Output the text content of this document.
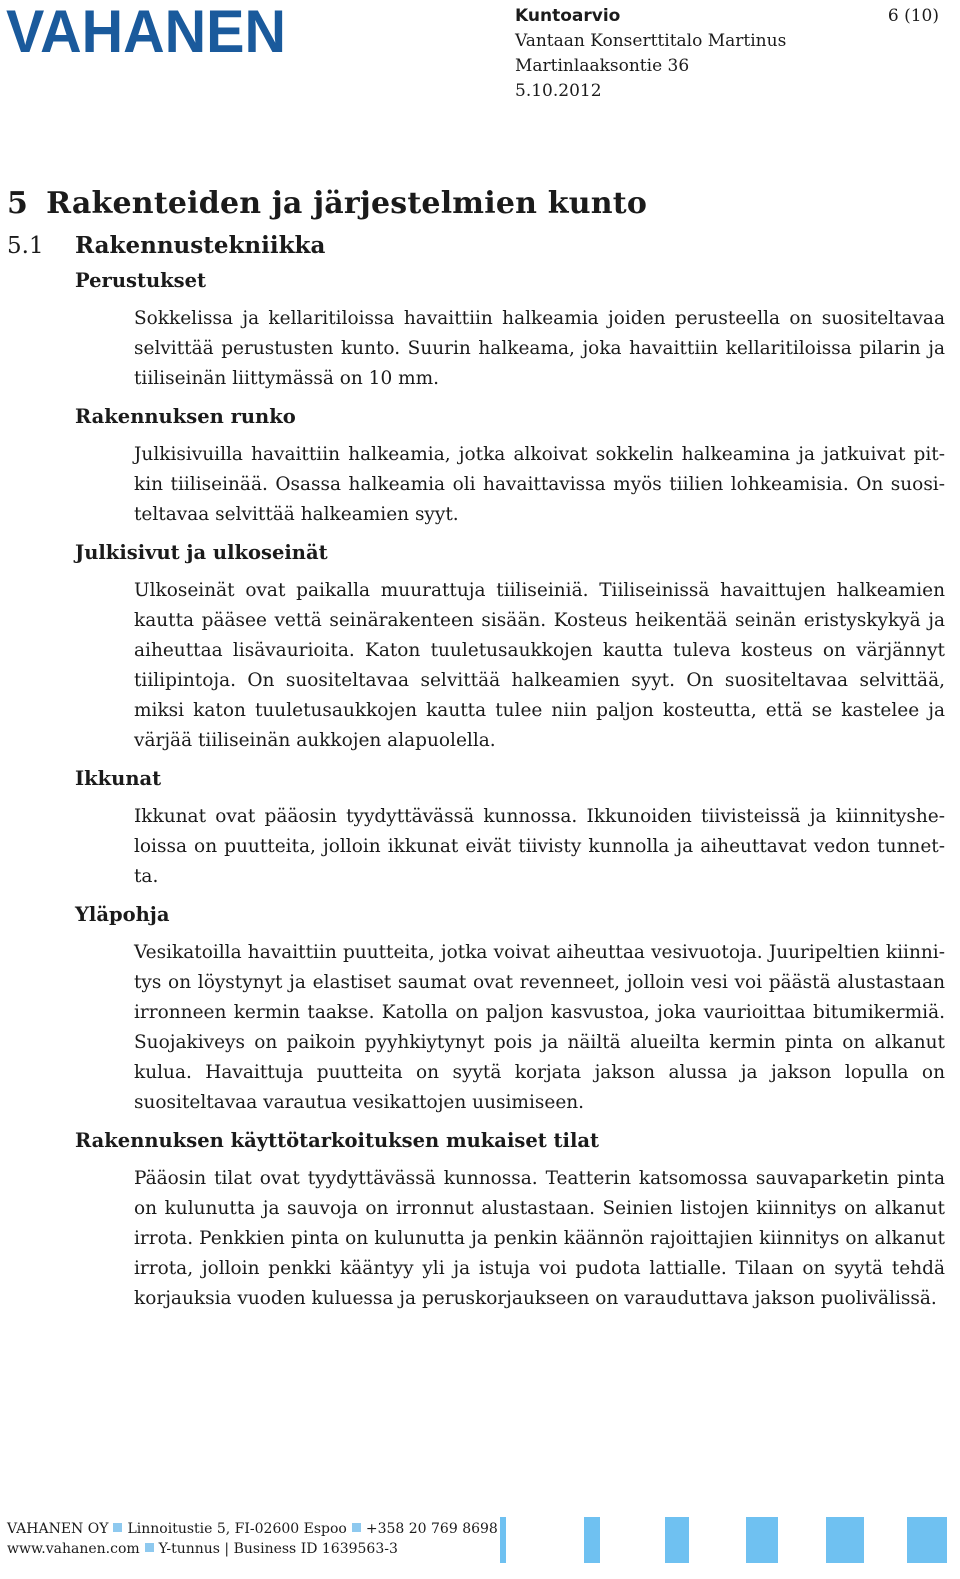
VAHANEN	Kuntoarvio
Vantaan Konserttitalo Martinus
Martinlaaksontie 36
5.10.2012
6 (10)
5 Rakenteiden ja järjestelmien kunto
5.1 Rakennustekniikka
Perustukset

Sokkelissa ja kellaritiloissa havaittiin halkeamia joiden perusteella on suositeltavaa selvittää perustusten kunto. Suurin halkeama, joka havaittiin kellaritiloissa pilarin ja tiiliseinän liittymässä on 10 mm.

Rakennuksen runko

Julkisivuilla havaittiin halkeamia, jotka alkoivat sokkelin halkeamina ja jatkuivat pitkin tiiliseinää. Osassa halkeamia oli havaittavissa myös tiilien lohkeamisia. On suositeltavaa selvittää halkeamien syyt.

Julkisivut ja ulkoseinät

Ulkoseinät ovat paikalla muurattuja tiiliseiniä. Tiiliseinissä havaittujen halkeamien kautta pääsee vettä seinärakenteen sisään. Kosteus heikentää seinän eristyskykyä ja aiheuttaa lisävaurioita. Katon tuuletusaukkojen kautta tuleva kosteus on värjännyt tiilipintoja. On suositeltavaa selvittää halkeamien syyt. On suositeltavaa selvittää, miksi katon tuuletusaukkojen kautta tulee niin paljon kosteutta, että se kastelee ja värjää tiiliseinän aukkojen alapuolella.

Ikkunat

Ikkunat ovat pääosin tyydyttävässä kunnossa. Ikkunoiden tiivisteissä ja kiinnitysheloissa on puutteita, jolloin ikkunat eivät tiivisty kunnolla ja aiheuttavat vedon tunnetta.

Yläpohja

Vesikatoilla havaittiin puutteita, jotka voivat aiheuttaa vesivuotoja. Juuripeltien kiinnitys on löystynyt ja elastiset saumat ovat revenneet, jolloin vesi voi päästä alustastaan irronneen kermin taakse. Katolla on paljon kasvustoa, joka vaurioittaa bitumikermiä. Suojakiveys on paikoin pyyhkiytynyt pois ja näiltä alueilta kermin pinta on alkanut kulua. Havaittuja puutteita on syytä korjata jakson alussa ja jakson lopulla on suositeltavaa varautua vesikattojen uusimiseen.

Rakennuksen käyttötarkoituksen mukaiset tilat

Pääosin tilat ovat tyydyttävässä kunnossa. Teatterin katsomossa sauvaparketin pinta on kulunutta ja sauvoja on irronnut alustastaan. Seinien listojen kiinnitys on alkanut irrota. Penkkien pinta on kulunutta ja penkin käännön rajoittajien kiinnitys on alkanut irrota, jolloin penkki kääntyy yli ja istuja voi pudota lattialle. Tilaan on syytä tehdä korjauksia vuoden kuluessa ja peruskorjaukseen on varauduttava jakson puolivälissä.

VAHANEN OY Linnoitustie 5, FI-02600 Espoo +358 20 769 8698
www.vahanen.com Y-tunnus | Business ID 1639563-3
